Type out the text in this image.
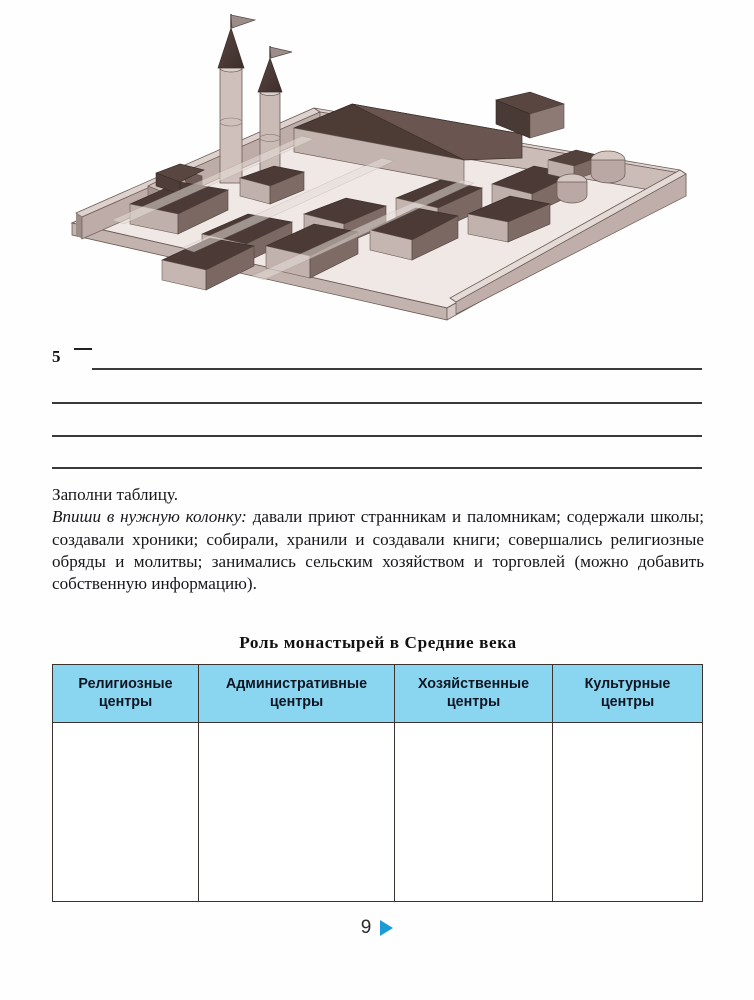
5

Заполни таблицу.

Впиши в нужную колонку: давали приют странникам и паломникам; содержали школы; создавали хроники; собирали, хранили и создавали книги; совершались религиозные обряды и молитвы; занимались сельским хозяйством и торговлей (можно добавить собственную информацию).

Роль монастырей в Средние века
Религиозные центры	Административные центры	Хозяйственные центры	Культурные центры

9
